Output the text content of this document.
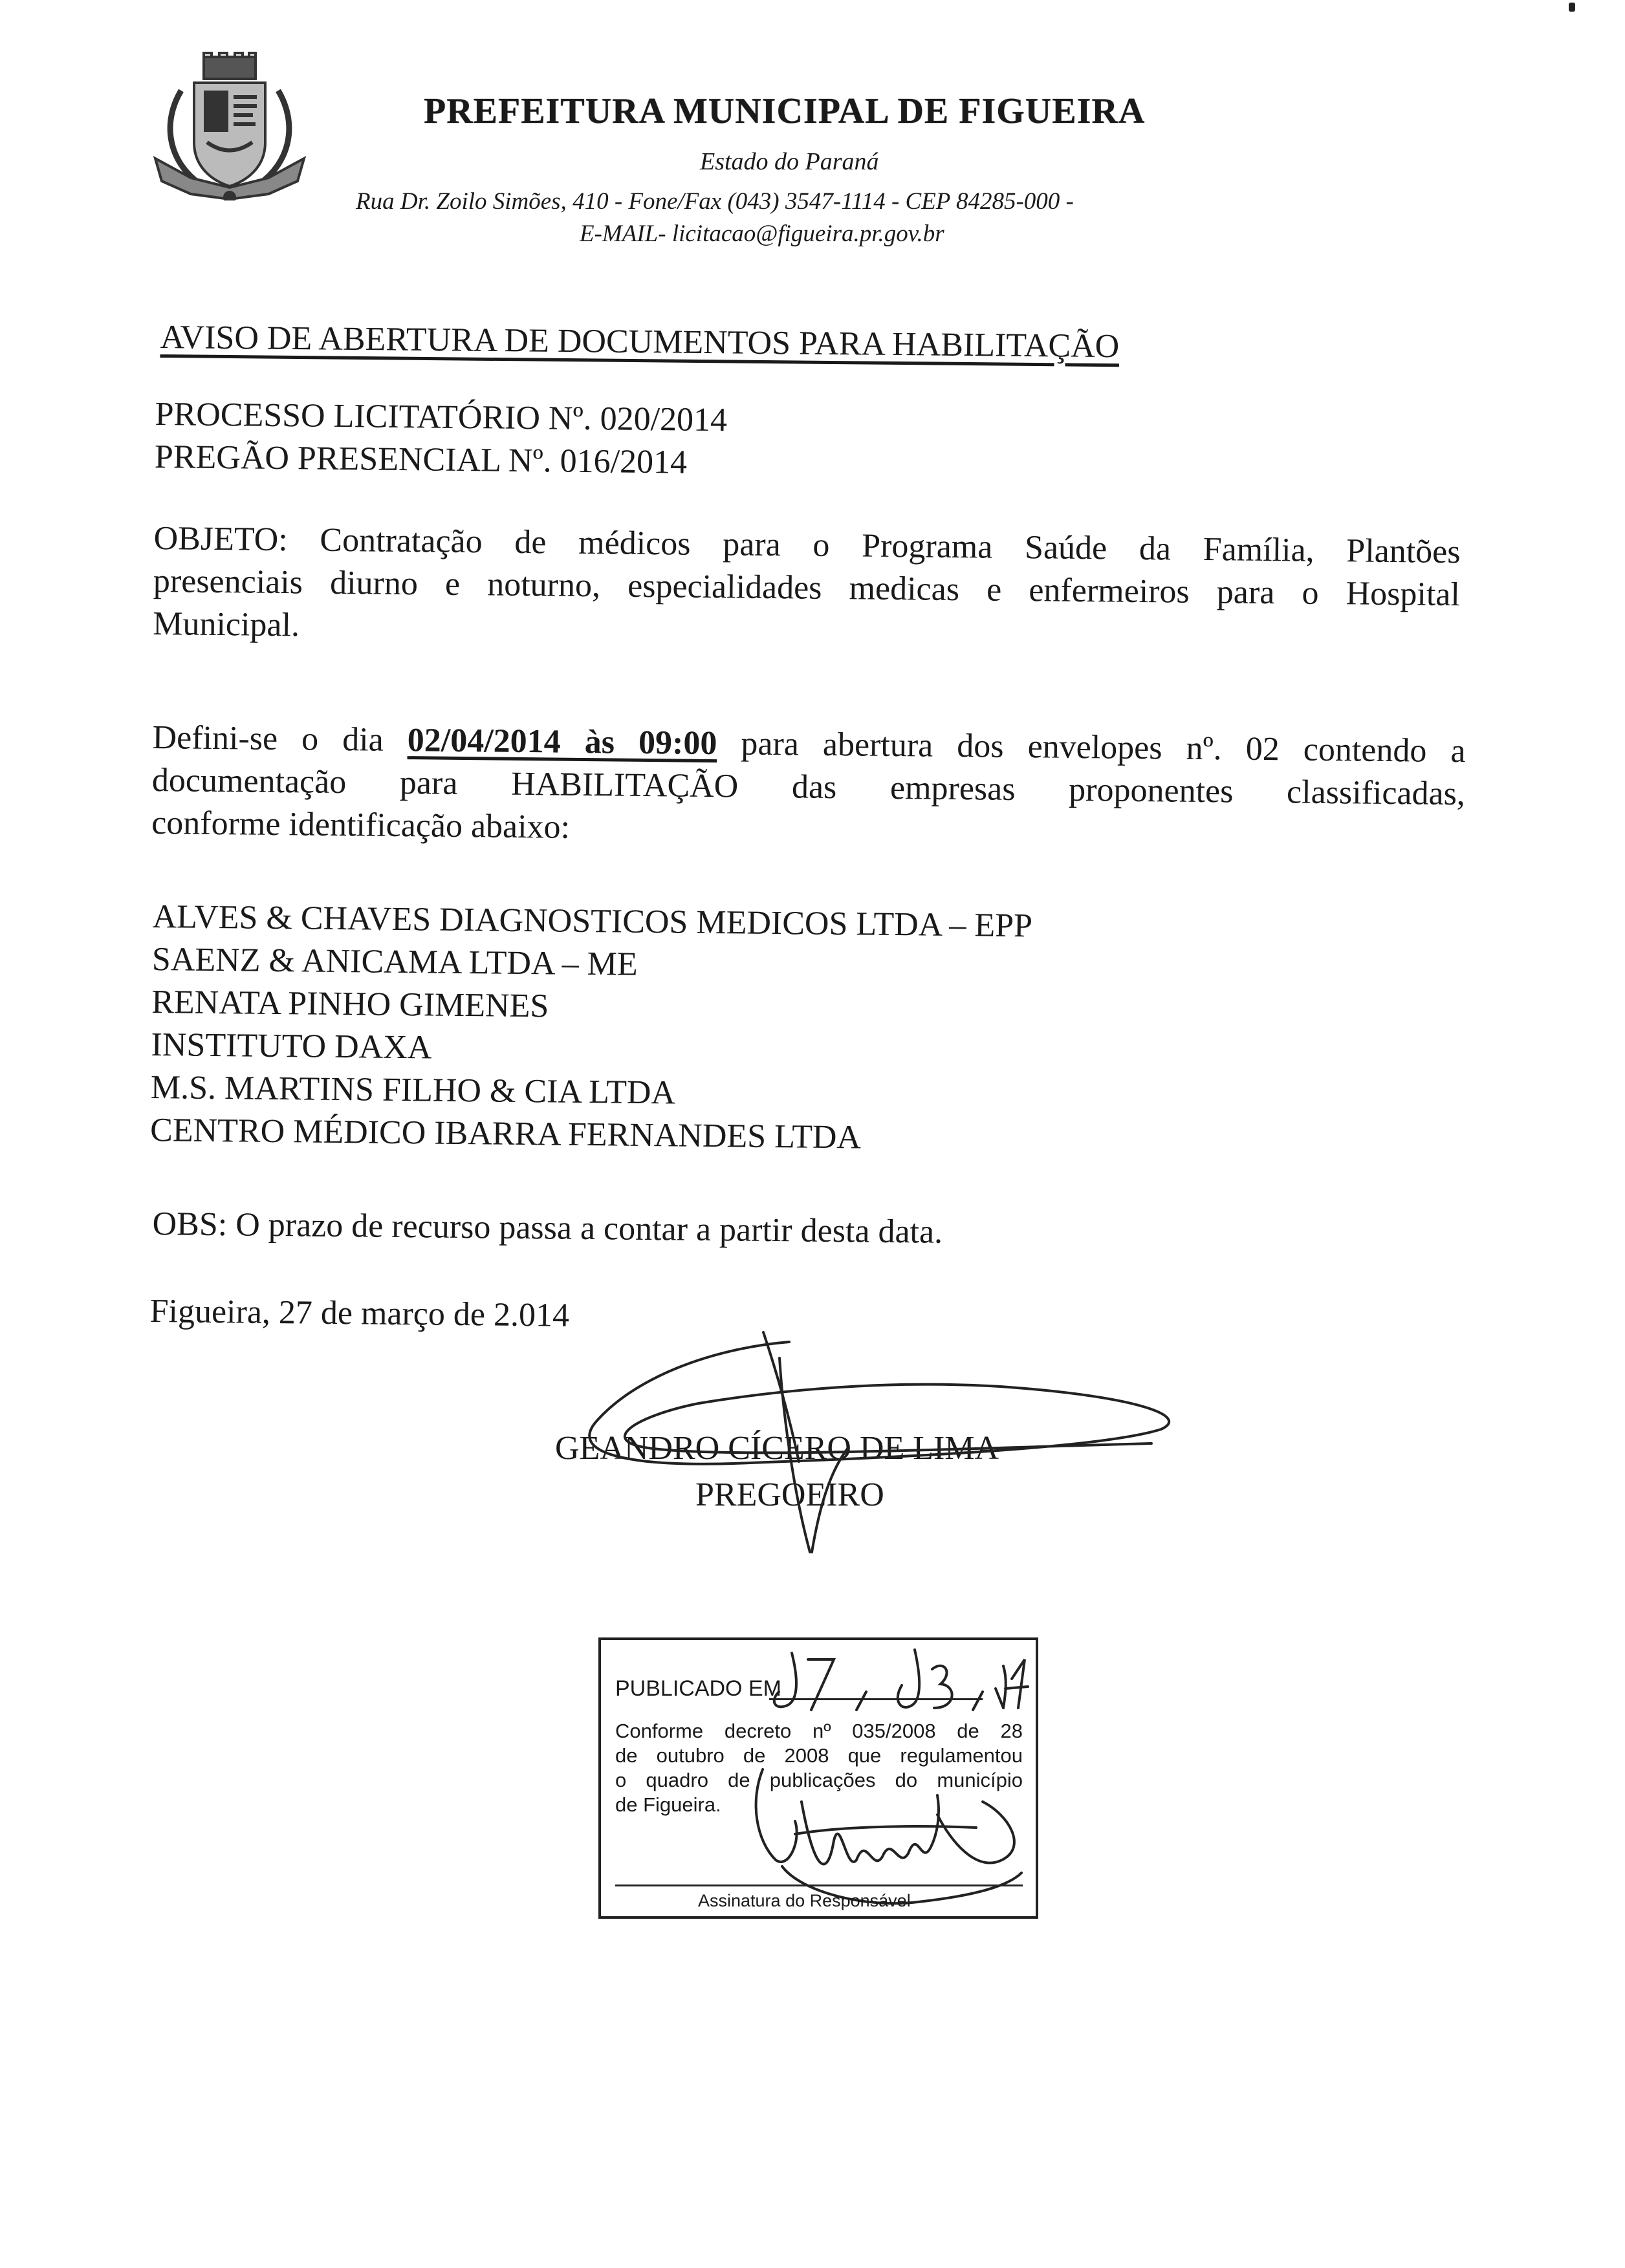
PREFEITURA MUNICIPAL DE FIGUEIRA
Estado do Paraná
Rua Dr. Zoilo Simões, 410 - Fone/Fax (043) 3547-1114 - CEP 84285-000 -
E-MAIL- licitacao@figueira.pr.gov.br
AVISO DE ABERTURA DE DOCUMENTOS PARA HABILITAÇÃO
PROCESSO LICITATÓRIO Nº. 020/2014
PREGÃO PRESENCIAL Nº. 016/2014
OBJETO: Contratação de médicos para o Programa Saúde da Família, Plantões
presenciais diurno e noturno, especialidades medicas e enfermeiros para o Hospital
Municipal.
Defini-se o dia 02/04/2014 às 09:00 para abertura dos envelopes nº. 02 contendo a
documentação para HABILITAÇÃO das empresas proponentes classificadas,
conforme identificação abaixo:
ALVES & CHAVES DIAGNOSTICOS MEDICOS LTDA – EPP
SAENZ & ANICAMA LTDA – ME
RENATA PINHO GIMENES
INSTITUTO DAXA
M.S. MARTINS FILHO & CIA LTDA
CENTRO MÉDICO IBARRA FERNANDES LTDA
OBS: O prazo de recurso passa a contar a partir desta data.
Figueira, 27 de março de 2.014
GEANDRO CÍCERO DE LIMA
PREGOEIRO
PUBLICADO EM

Conforme decreto nº 035/2008 de 28

de outubro de 2008 que regulamentou

o quadro de publicações do município

de Figueira.

Assinatura do Responsável
